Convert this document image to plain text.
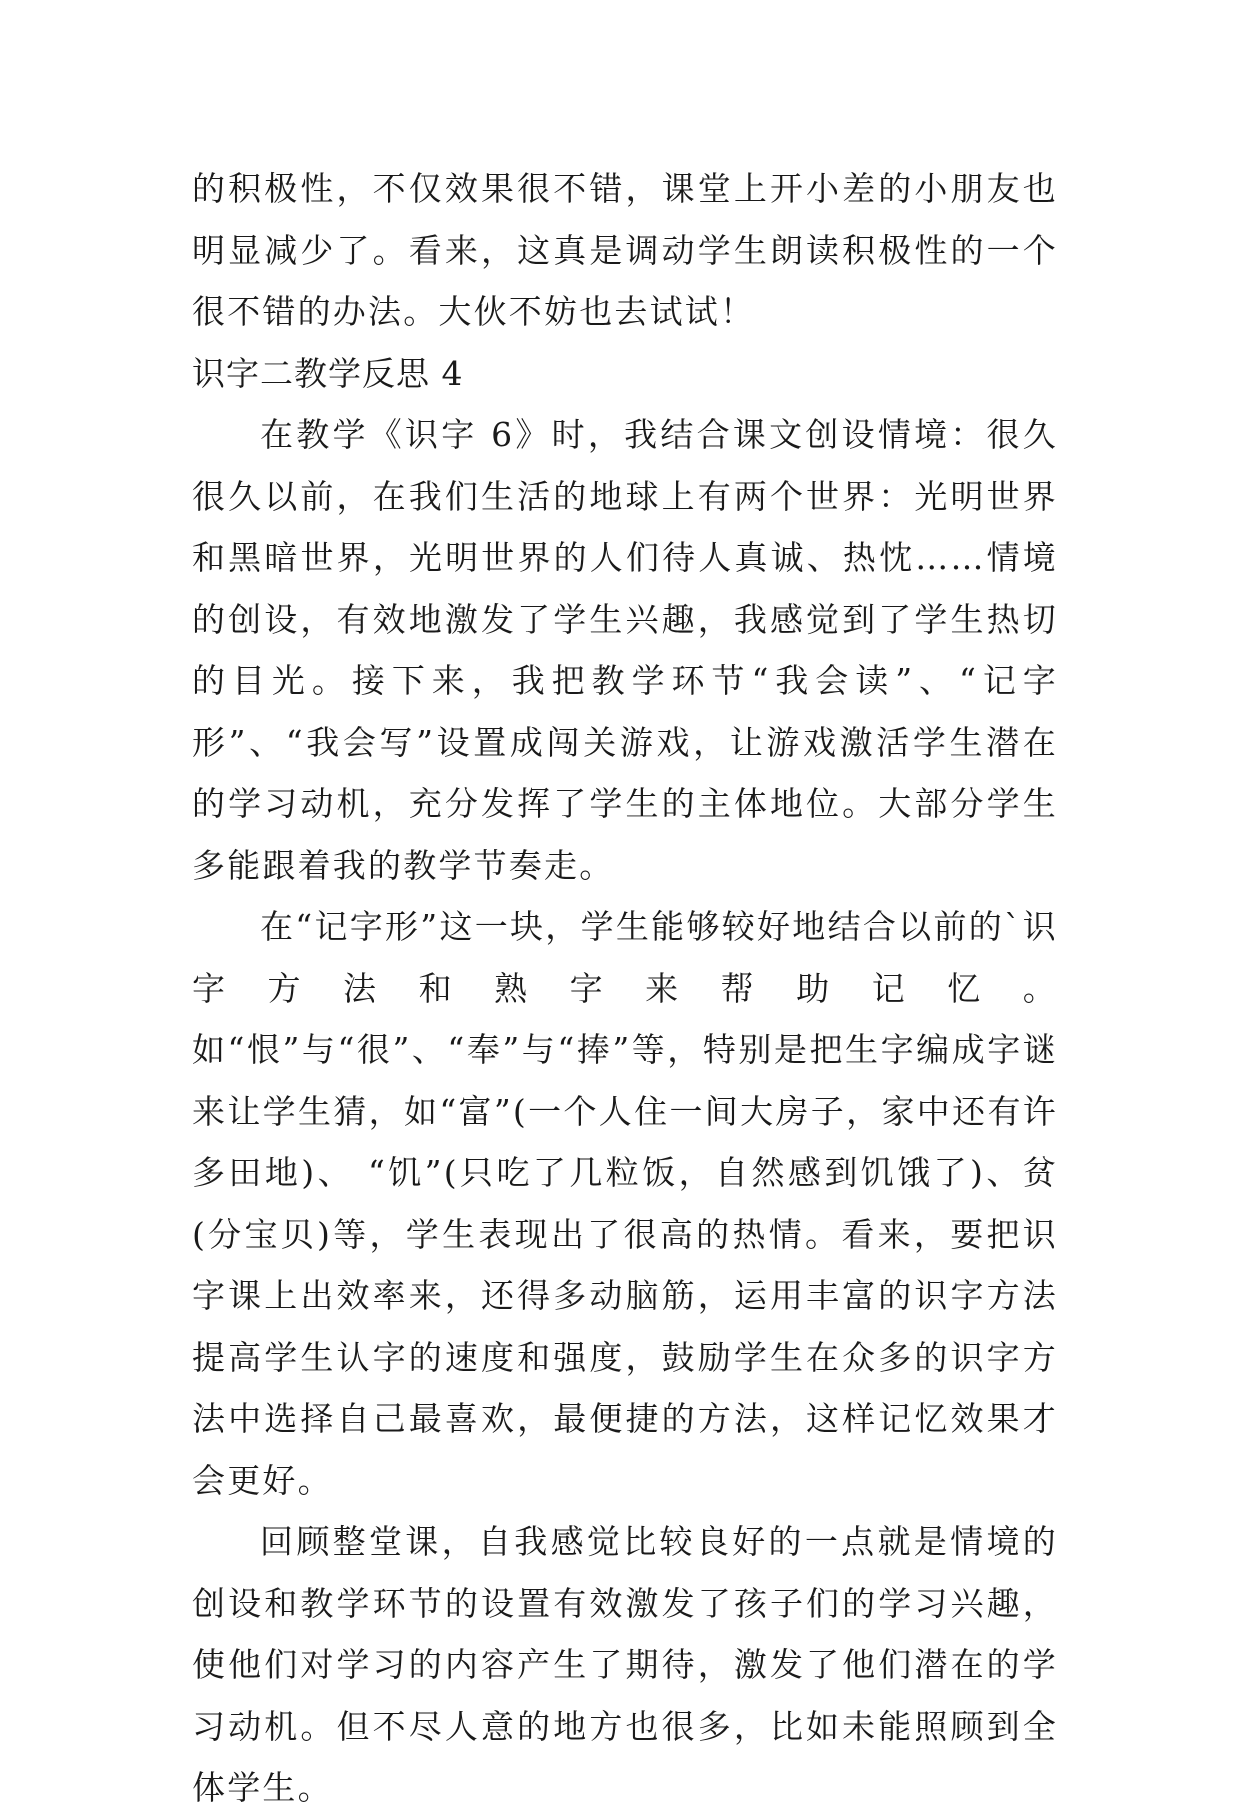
的积极性，不仅效果很不错，课堂上开小差的小朋友也明显减少了。看来，这真是调动学生朗读积极性的一个很不错的办法。大伙不妨也去试试！

识字二教学反思 4

在教学《识字 6》时，我结合课文创设情境：很久很久以前，在我们生活的地球上有两个世界：光明世界和黑暗世界，光明世界的人们待人真诚、热忱……情境的创设，有效地激发了学生兴趣，我感觉到了学生热切的目光。接下来，我把教学环节“我会读”、“记字形”、“我会写”设置成闯关游戏，让游戏激活学生潜在的学习动机，充分发挥了学生的主体地位。大部分学生多能跟着我的教学节奏走。

在“记字形”这一块，学生能够较好地结合以前的`识字方法和熟字来帮助记忆。如“恨”与“很”、“奉”与“捧”等，特别是把生字编成字谜来让学生猜，如“富”(一个人住一间大房子，家中还有许多田地)、 “饥”(只吃了几粒饭，自然感到饥饿了)、贫(分宝贝)等，学生表现出了很高的热情。看来，要把识字课上出效率来，还得多动脑筋，运用丰富的识字方法提高学生认字的速度和强度，鼓励学生在众多的识字方法中选择自己最喜欢，最便捷的方法，这样记忆效果才会更好。

回顾整堂课，自我感觉比较良好的一点就是情境的创设和教学环节的设置有效激发了孩子们的学习兴趣，使他们对学习的内容产生了期待，激发了他们潜在的学习动机。但不尽人意的地方也很多，比如未能照顾到全体学生。
